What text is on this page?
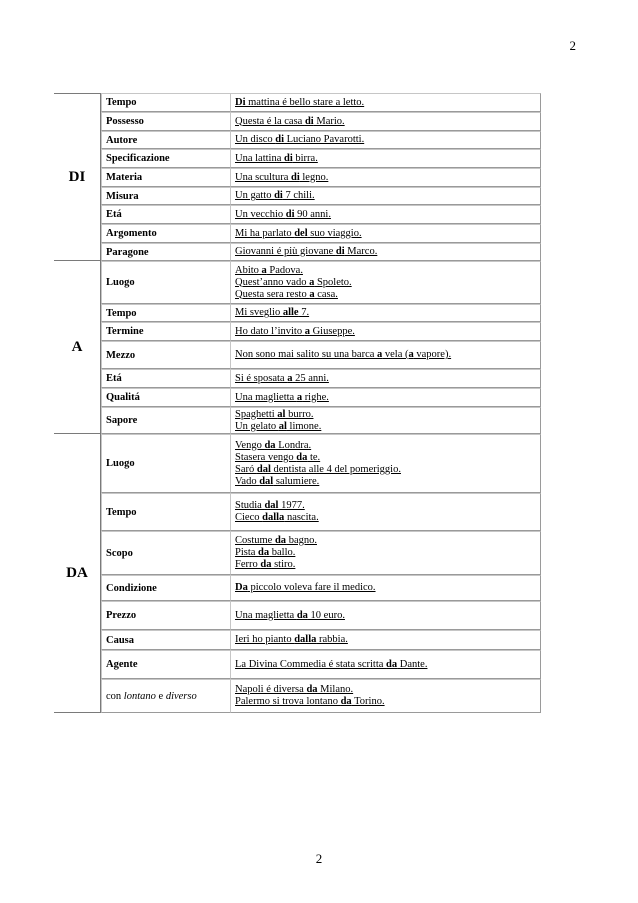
2
DI	Tempo	Di mattina é bello stare a letto.

	Possesso	Questa é la casa di Mario.

	Autore	Un disco di Luciano Pavarotti.

	Specificazione	Una lattina di birra.

	Materia	Una scultura di legno.

	Misura	Un gatto di 7 chili.

	Etá	Un vecchio di 90 anni.

	Argomento	Mi ha parlato del suo viaggio.

	Paragone	Giovanni é più giovane di Marco.

A	Luogo	Abito a Padova.
Quest’anno vado a Spoleto.
Questa sera resto a casa.

	Tempo	Mi sveglio alle 7.

	Termine	Ho dato l’invito a Giuseppe.

	Mezzo	Non sono mai salito su una barca a vela (a vapore).

	Etá	Si é sposata a 25 anni.

	Qualitá	Una maglietta a righe.

	Sapore	Spaghetti al burro.
Un gelato al limone.

DA	Luogo	Vengo da Londra.
Stasera vengo da te.
Saró dal dentista alle 4 del pomeriggio.
Vado dal salumiere.

	Tempo	Studia dal 1977.
Cieco dalla nascita.

	Scopo	Costume da bagno.
Pista da ballo.
Ferro da stiro.

	Condizione	Da piccolo voleva fare il medico.

	Prezzo	Una maglietta da 10 euro.

	Causa	Ieri ho pianto dalla rabbia.

	Agente	La Divina Commedia é stata scritta da Dante.

	con lontano e diverso	Napoli é diversa da Milano.
Palermo si trova lontano da Torino.
2
